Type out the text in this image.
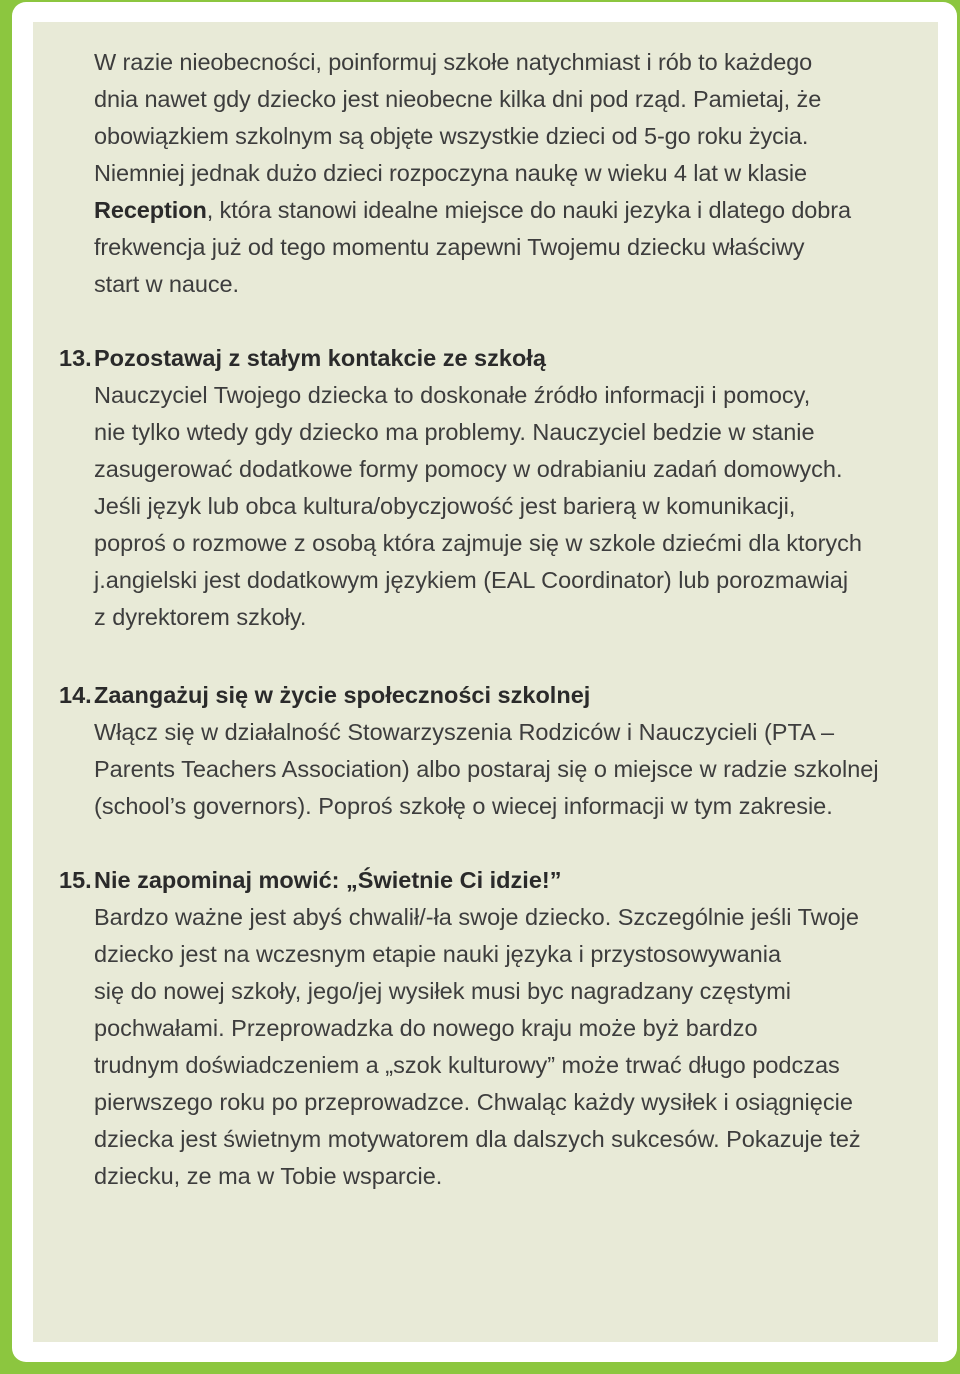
W razie nieobecności, poinformuj szkołe natychmiast i rób to każdego

dnia nawet gdy dziecko jest nieobecne kilka dni pod rząd. Pamietaj, że

obowiązkiem szkolnym są objęte wszystkie dzieci od 5-go roku życia.

Niemniej jednak dużo dzieci rozpoczyna naukę w wieku 4 lat w klasie

Reception, która stanowi idealne miejsce do nauki jezyka i dlatego dobra

frekwencja już od tego momentu zapewni Twojemu dziecku właściwy

start w nauce.

13. Pozostawaj z stałym kontakcie ze szkołą

Nauczyciel Twojego dziecka to doskonałe źródło informacji i pomocy,

nie tylko wtedy gdy dziecko ma problemy. Nauczyciel bedzie w stanie

zasugerować dodatkowe formy pomocy w odrabianiu zadań domowych.

Jeśli język lub obca kultura/obyczjowość jest barierą w komunikacji,

poproś o rozmowe z osobą która zajmuje się w szkole dziećmi dla ktorych

j.angielski jest dodatkowym językiem (EAL Coordinator) lub porozmawiaj

z dyrektorem szkoły.

14. Zaangażuj się w życie społeczności szkolnej

Włącz się w działalność Stowarzyszenia Rodziców i Nauczycieli (PTA –

Parents Teachers Association) albo postaraj się o miejsce w radzie szkolnej

(school’s governors). Poproś szkołę o wiecej informacji w tym zakresie.

15. Nie zapominaj mowić: „Świetnie Ci idzie!”

Bardzo ważne jest abyś chwalił/-ła swoje dziecko. Szczególnie jeśli Twoje

dziecko jest na wczesnym etapie nauki języka i przystosowywania

się do nowej szkoły, jego/jej wysiłek musi byc nagradzany częstymi

pochwałami. Przeprowadzka do nowego kraju może byż bardzo

trudnym doświadczeniem a „szok kulturowy” może trwać długo podczas

pierwszego roku po przeprowadzce. Chwaląc każdy wysiłek i osiągnięcie

dziecka jest świetnym motywatorem dla dalszych sukcesów. Pokazuje też

dziecku, ze ma w Tobie wsparcie.
